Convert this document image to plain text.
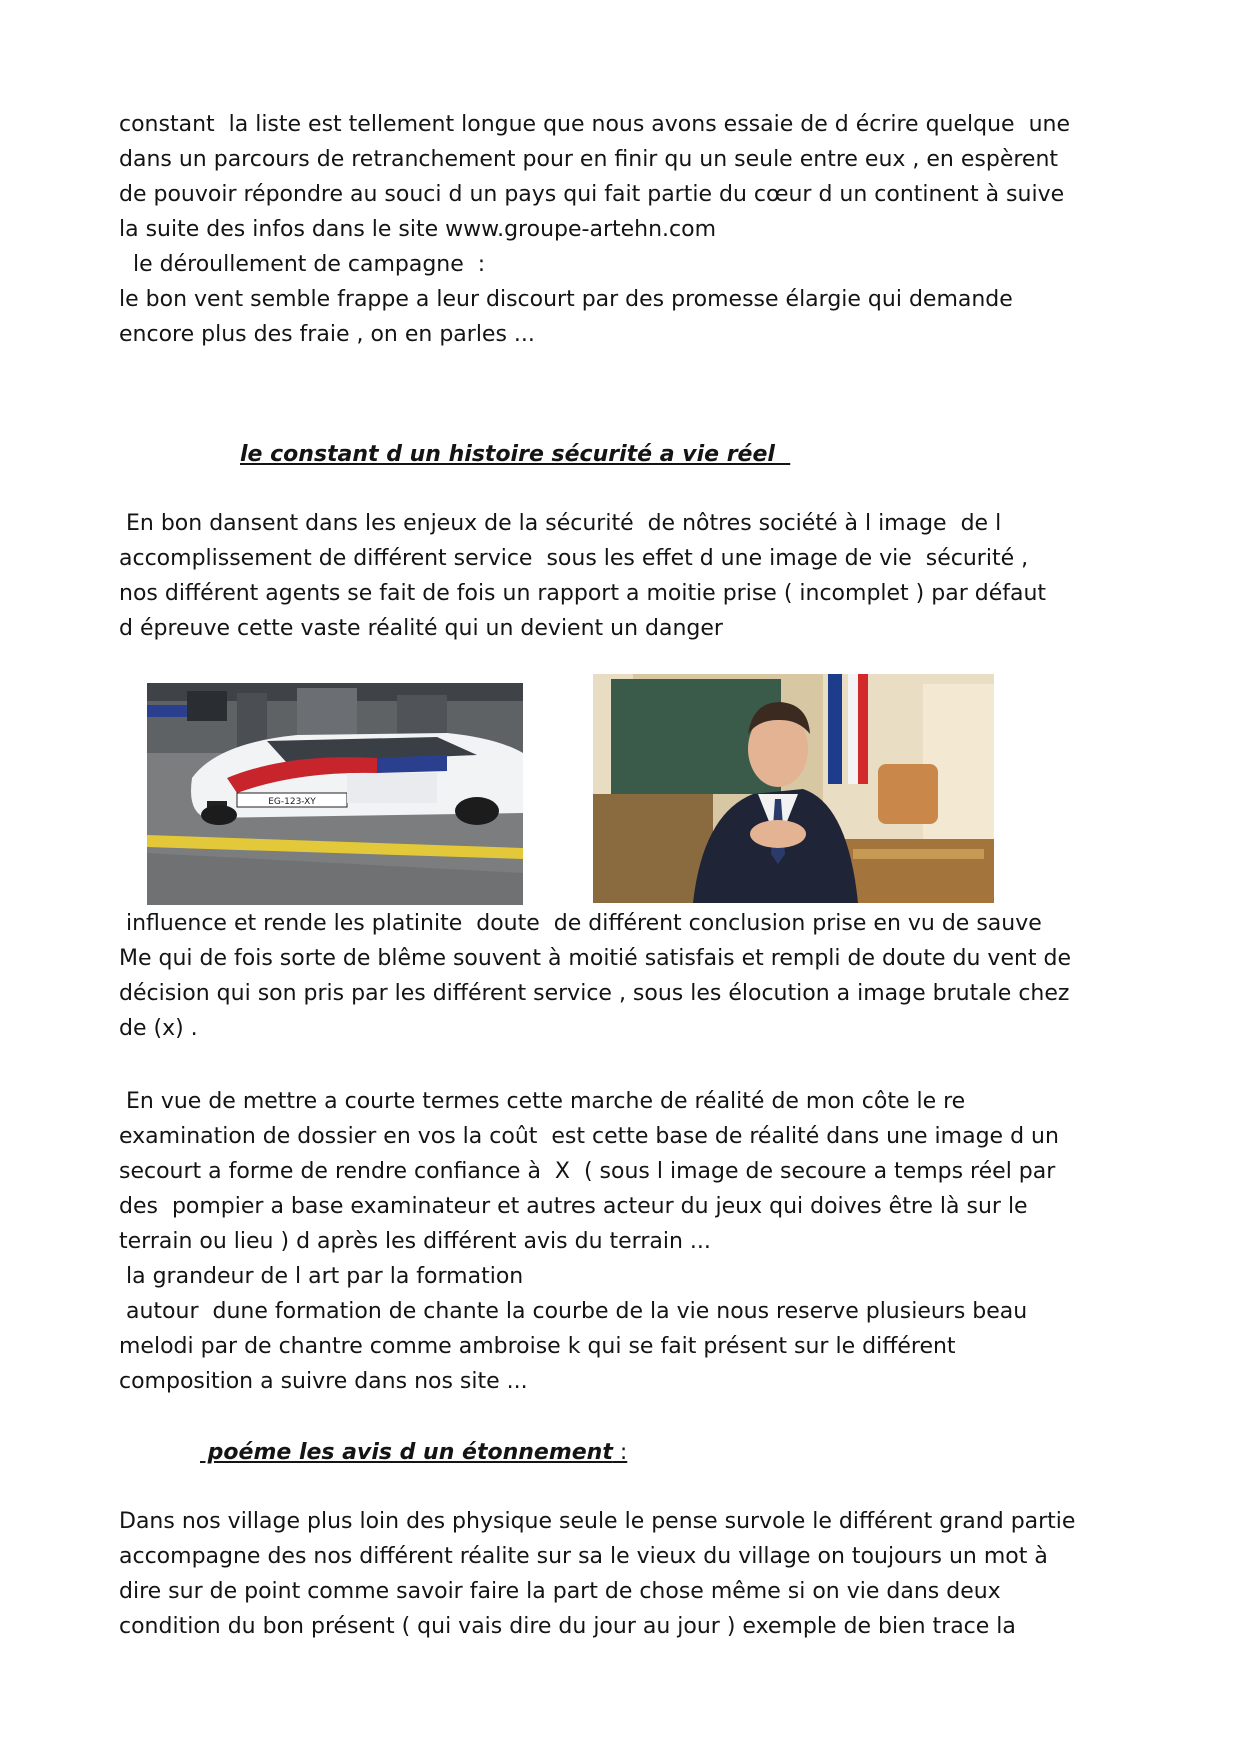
constant  la liste est tellement longue que nous avons essaie de d écrire quelque  une
dans un parcours de retranchement pour en finir qu un seule entre eux , en espèrent
de pouvoir répondre au souci d un pays qui fait partie du cœur d un continent à suive
la suite des infos dans le site www.groupe-artehn.com
le déroullement de campagne  :
le bon vent semble frappe a leur discourt par des promesse élargie qui demande
encore plus des fraie , on en parles ...
le constant d un histoire sécurité a vie réel
En bon dansent dans les enjeux de la sécurité  de nôtres société à l image  de l
accomplissement de différent service  sous les effet d une image de vie  sécurité ,
nos différent agents se fait de fois un rapport a moitie prise ( incomplet ) par défaut
d épreuve cette vaste réalité qui un devient un danger
EG-123-XY
influence et rende les platinite  doute  de différent conclusion prise en vu de sauve
Me qui de fois sorte de blême souvent à moitié satisfais et rempli de doute du vent de
décision qui son pris par les différent service , sous les élocution a image brutale chez
de (x) .
En vue de mettre a courte termes cette marche de réalité de mon côte le re
examination de dossier en vos la coût  est cette base de réalité dans une image d un
secourt a forme de rendre confiance à  X  ( sous l image de secoure a temps réel par
des  pompier a base examinateur et autres acteur du jeux qui doives être là sur le
terrain ou lieu ) d après les différent avis du terrain ...
la grandeur de l art par la formation
autour  dune formation de chante la courbe de la vie nous reserve plusieurs beau
melodi par de chantre comme ambroise k qui se fait présent sur le différent
composition a suivre dans nos site ...
poéme les avis d un étonnement :
Dans nos village plus loin des physique seule le pense survole le différent grand partie
accompagne des nos différent réalite sur sa le vieux du village on toujours un mot à
dire sur de point comme savoir faire la part de chose même si on vie dans deux
condition du bon présent ( qui vais dire du jour au jour ) exemple de bien trace la
